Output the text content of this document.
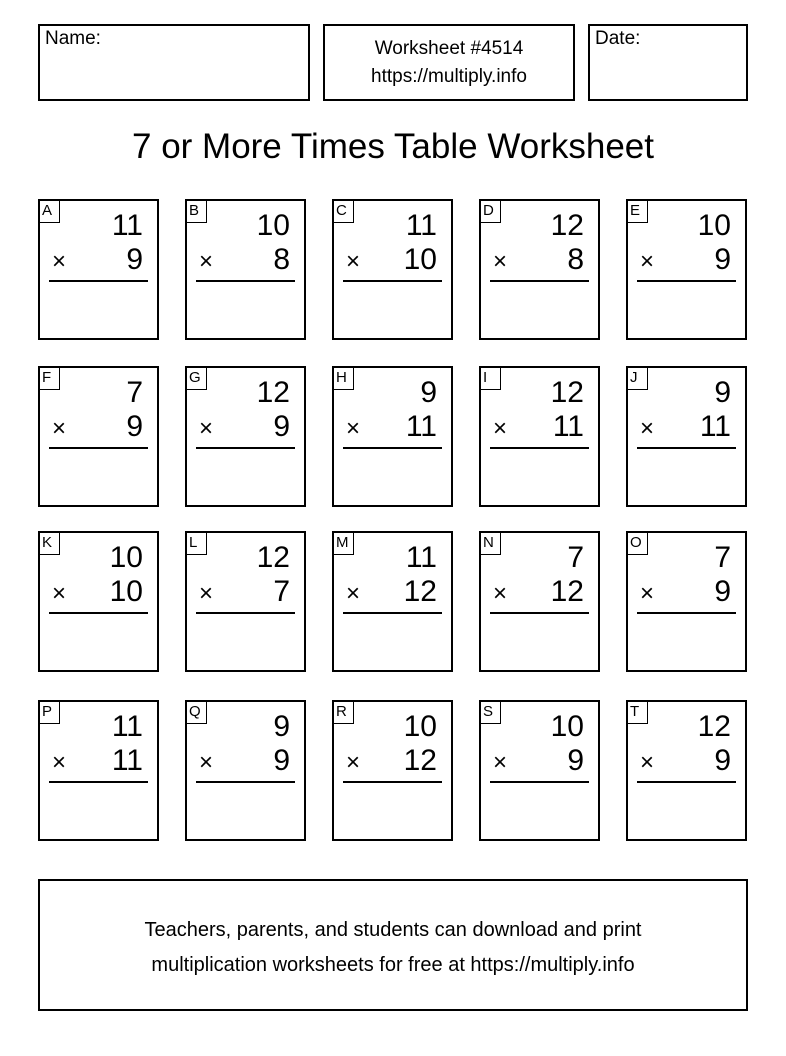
Name:	Worksheet #4514
https://multiply.info
Date:
7 or More Times Table Worksheet
A 11
× 9
B 10
× 8
C 11
× 10
D 12
× 8
E 10
× 9
F	7
× 9
G 12
× 9
H 9
× 11
I	12
× 11
J	9
× 11
K 10
× 10
L	12
× 7
M 11
× 12
N 7
× 12
O 7
× 9
P 11
× 11
Q 9
× 9
R 10
× 12
S 10
× 9
T 12
× 9
Teachers, parents, and students can download and print
multiplication worksheets for free at https://multiply.info
